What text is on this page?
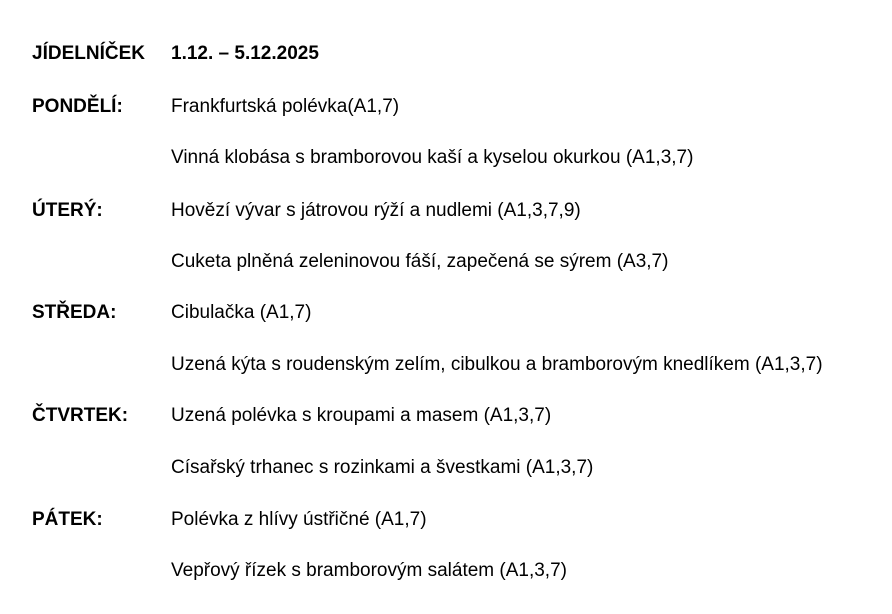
JÍDELNÍČEK 1.12. – 5.12.2025
PONDĚLÍ:	Frankfurtská polévka(A1,7)
Vinná klobása s bramborovou kaší a kyselou okurkou (A1,3,7)
ÚTERÝ:	Hovězí vývar s játrovou rýží a nudlemi (A1,3,7,9)
Cuketa plněná zeleninovou fáší, zapečená se sýrem (A3,7)
STŘEDA:	Cibulačka (A1,7)
Uzená kýta s roudenským zelím, cibulkou a bramborovým knedlíkem (A1,3,7)
ČTVRTEK: Uzená polévka s kroupami a masem (A1,3,7)
Císařský trhanec s rozinkami a švestkami (A1,3,7)
PÁTEK:	Polévka z hlívy ústřičné (A1,7)
Vepřový řízek s bramborovým salátem (A1,3,7)
